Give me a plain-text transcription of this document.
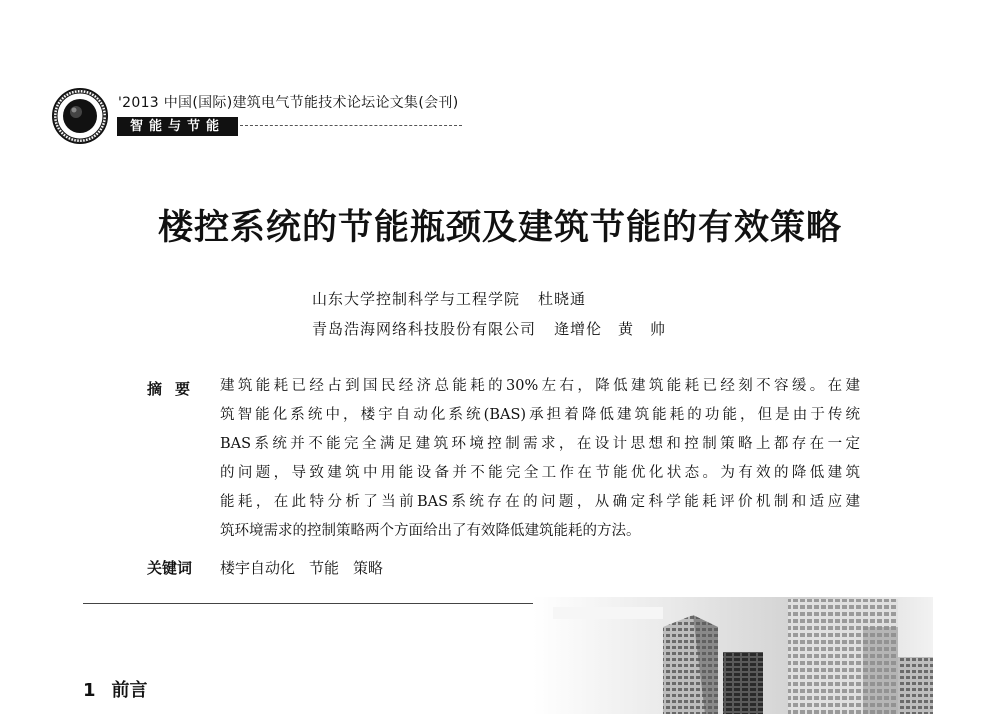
'2013 中国(国际)建筑电气节能技术论坛论文集(会刊)
智能与节能
楼控系统的节能瓶颈及建筑节能的有效策略
山东大学控制科学与工程学院 杜晓通
青岛浩海网络科技股份有限公司 逄增伦　黄　帅
摘要 建筑能耗已经占到国民经济总能耗的30%左右，降低建筑能耗已经刻不容缓。在建
筑智能化系统中，楼宇自动化系统(BAS)承担着降低建筑能耗的功能，但是由于传统
BAS系统并不能完全满足建筑环境控制需求，在设计思想和控制策略上都存在一定
的问题，导致建筑中用能设备并不能完全工作在节能优化状态。为有效的降低建筑
能耗，在此特分析了当前BAS系统存在的问题，从确定科学能耗评价机制和适应建
筑环境需求的控制策略两个方面给出了有效降低建筑能耗的方法。
关键词 楼宇自动化 节能 策略
1 前言
